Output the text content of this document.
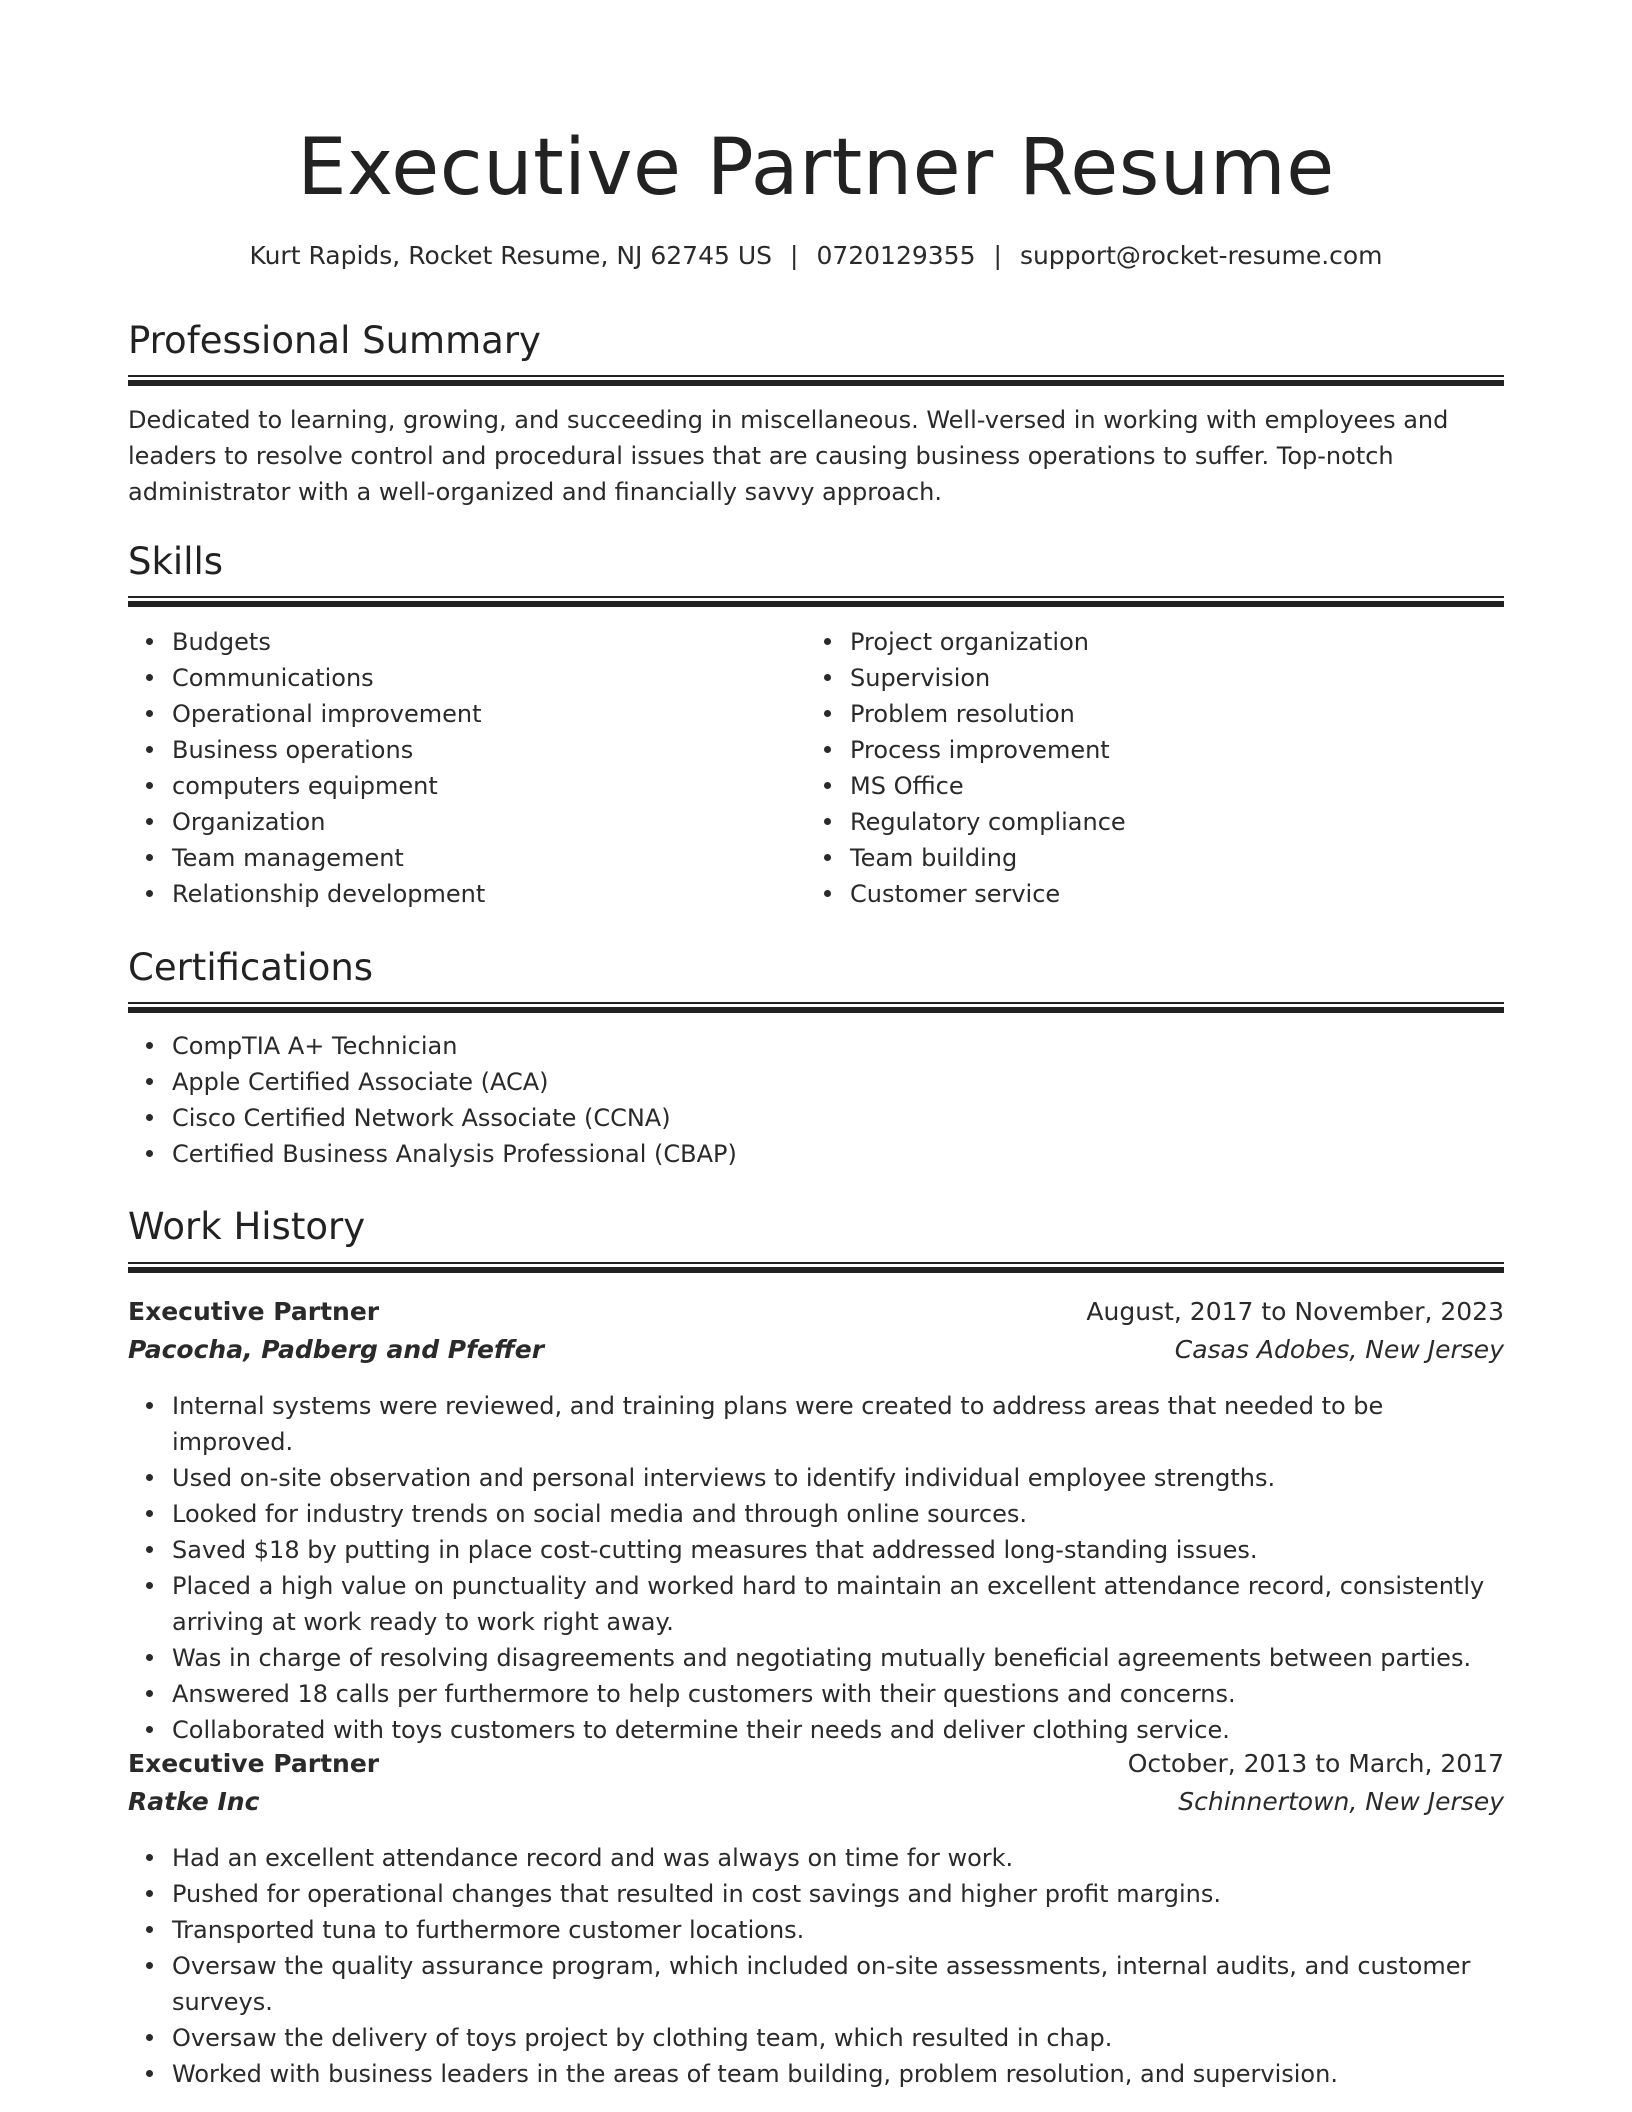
Executive Partner Resume
Kurt Rapids, Rocket Resume, NJ 62745 US | 0720129355 | support@rocket-resume.com
Professional Summary

Dedicated to learning, growing, and succeeding in miscellaneous. Well-versed in working with employees and leaders to resolve control and procedural issues that are causing business operations to suffer. Top-notch administrator with a well-organized and financially savvy approach.

Skills
Budgets
Communications
Operational improvement
Business operations
computers equipment
Organization
Team management
Relationship development
Project organization
Supervision
Problem resolution
Process improvement
MS Office
Regulatory compliance
Team building
Customer service
Certifications
CompTIA A+ Technician
Apple Certified Associate (ACA)
Cisco Certified Network Associate (CCNA)
Certified Business Analysis Professional (CBAP)
Work History
Executive Partner	August, 2017 to November, 2023
Pacocha, Padberg and Pfeffer	Casas Adobes, New Jersey
Internal systems were reviewed, and training plans were created to address areas that needed to be improved.
Used on-site observation and personal interviews to identify individual employee strengths.
Looked for industry trends on social media and through online sources.
Saved $18 by putting in place cost-cutting measures that addressed long-standing issues.
Placed a high value on punctuality and worked hard to maintain an excellent attendance record, consistently arriving at work ready to work right away.
Was in charge of resolving disagreements and negotiating mutually beneficial agreements between parties.
Answered 18 calls per furthermore to help customers with their questions and concerns.
Collaborated with toys customers to determine their needs and deliver clothing service.
Executive Partner	October, 2013 to March, 2017
Ratke Inc	Schinnertown, New Jersey
Had an excellent attendance record and was always on time for work.
Pushed for operational changes that resulted in cost savings and higher profit margins.
Transported tuna to furthermore customer locations.
Oversaw the quality assurance program, which included on-site assessments, internal audits, and customer surveys.
Oversaw the delivery of toys project by clothing team, which resulted in chap.
Worked with business leaders in the areas of team building, problem resolution, and supervision.
